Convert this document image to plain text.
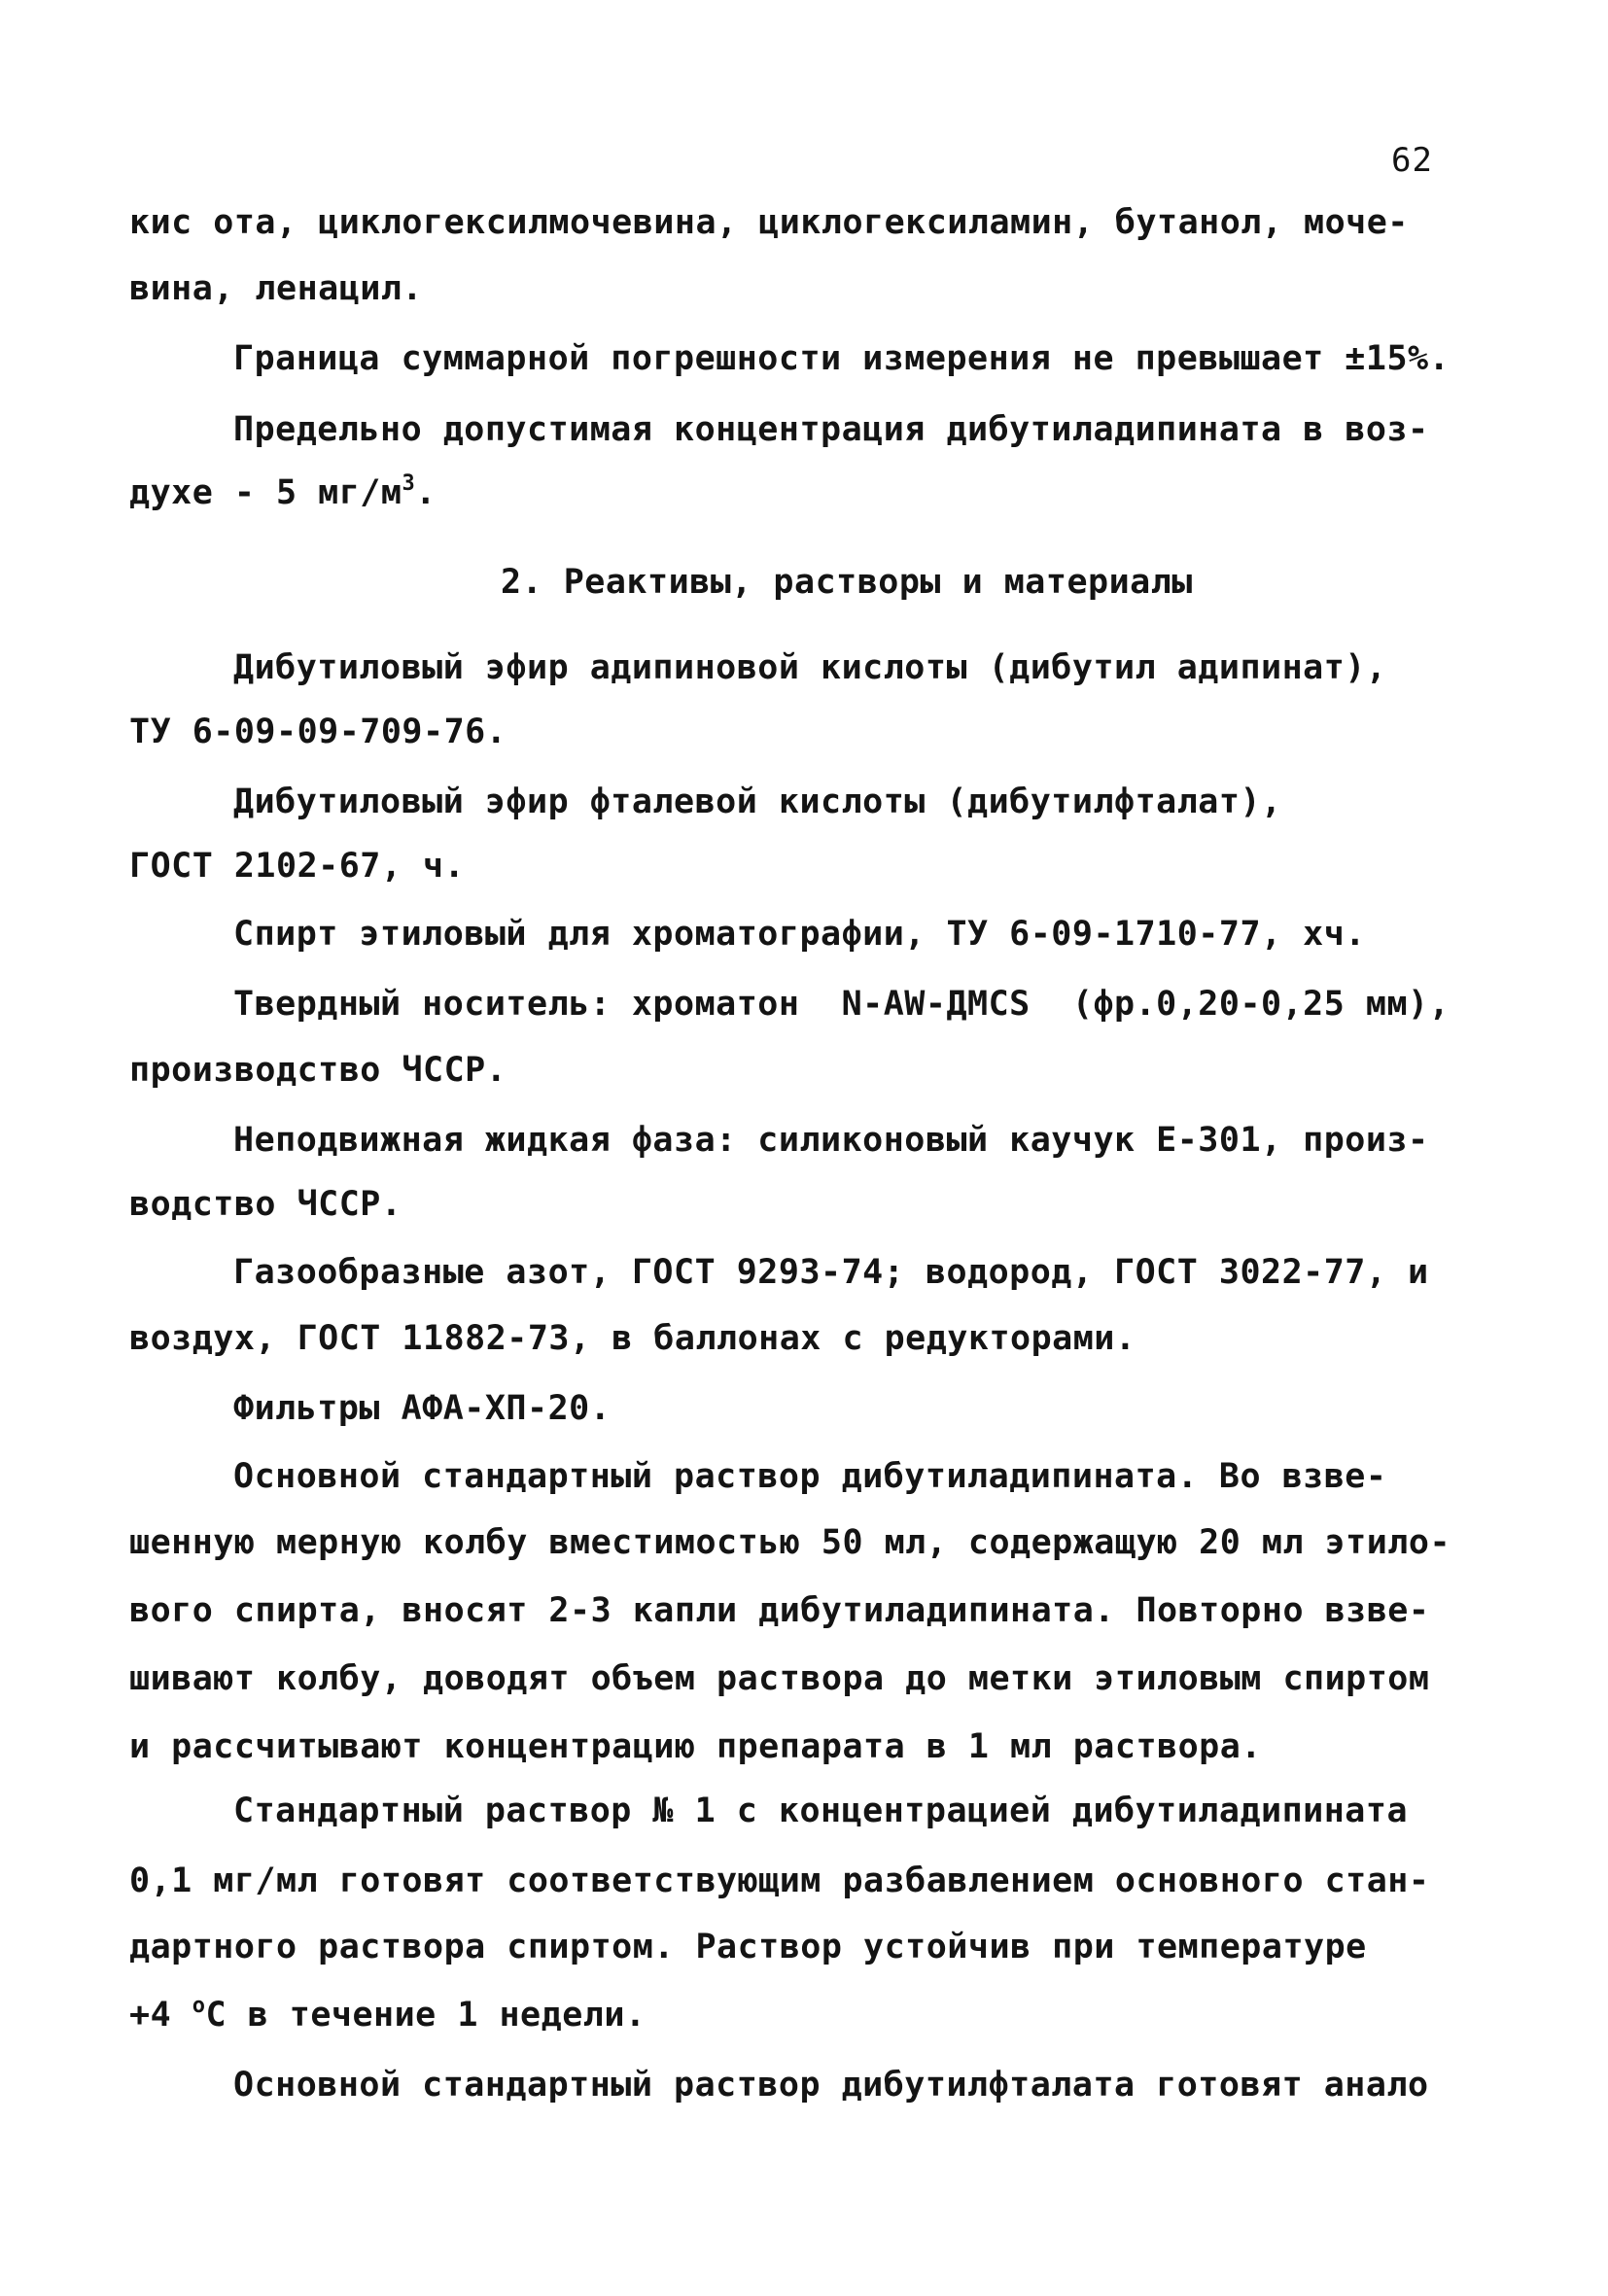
62
кис ота, циклогексилмочевина, циклогексиламин, бутанол, моче-
вина, ленацил.
Граница суммарной погрешности измерения не превышает ±15%.
Предельно допустимая концентрация дибутиладипината в воз-
духе - 5 $мг/м^3$.
2. Реактивы, растворы и материалы
Дибутиловый эфир адипиновой кислоты (дибутил адипинат),
ТУ 6-09-09-709-76.
Дибутиловый эфир фталевой кислоты (дибутилфталат),
ГОСТ 2102-67, ч.
Спирт этиловый для хроматографии, ТУ 6-09-1710-77, хч.
Твердный носитель: хроматон  N-AW-ДМСS  (фр.0,20-0,25 мм),
производство ЧССР.
Неподвижная жидкая фаза: силиконовый каучук Е-301, произ-
водство ЧССР.
Газообразные азот, ГОСТ 9293-74; водород, ГОСТ 3022-77, и
воздух, ГОСТ 11882-73, в баллонах с редукторами.
Фильтры АФА-ХП-20.
Основной стандартный раствор дибутиладипината. Во взве-
шенную мерную колбу вместимостью 50 мл, содержащую 20 мл этило-
вого спирта, вносят 2-3 капли дибутиладипината. Повторно взве-
шивают колбу, доводят объем раствора до метки этиловым спиртом
и рассчитывают концентрацию препарата в 1 мл раствора.
Стандартный раствор № 1 с концентрацией дибутиладипината
0,1 мг/мл готовят соответствующим разбавлением основного стан-
дартного раствора спиртом. Раствор устойчив при температуре
+4 $^о$С в течение 1 недели.
Основной стандартный раствор дибутилфталата готовят анало
